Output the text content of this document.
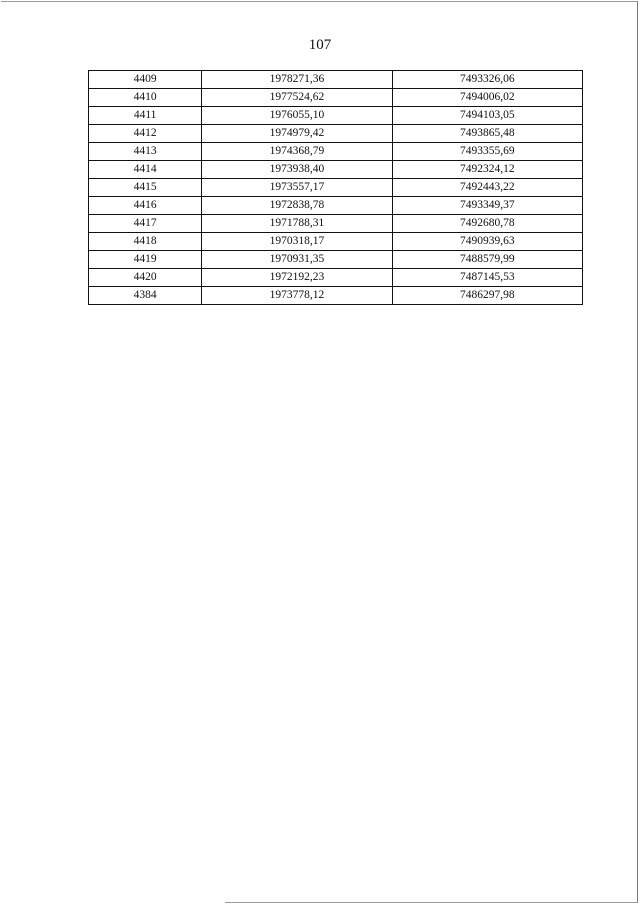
107
4409	1978271,36	7493326,06
4410	1977524,62	7494006,02
4411	1976055,10	7494103,05
4412	1974979,42	7493865,48
4413	1974368,79	7493355,69
4414	1973938,40	7492324,12
4415	1973557,17	7492443,22
4416	1972838,78	7493349,37
4417	1971788,31	7492680,78
4418	1970318,17	7490939,63
4419	1970931,35	7488579,99
4420	1972192,23	7487145,53
4384	1973778,12	7486297,98
